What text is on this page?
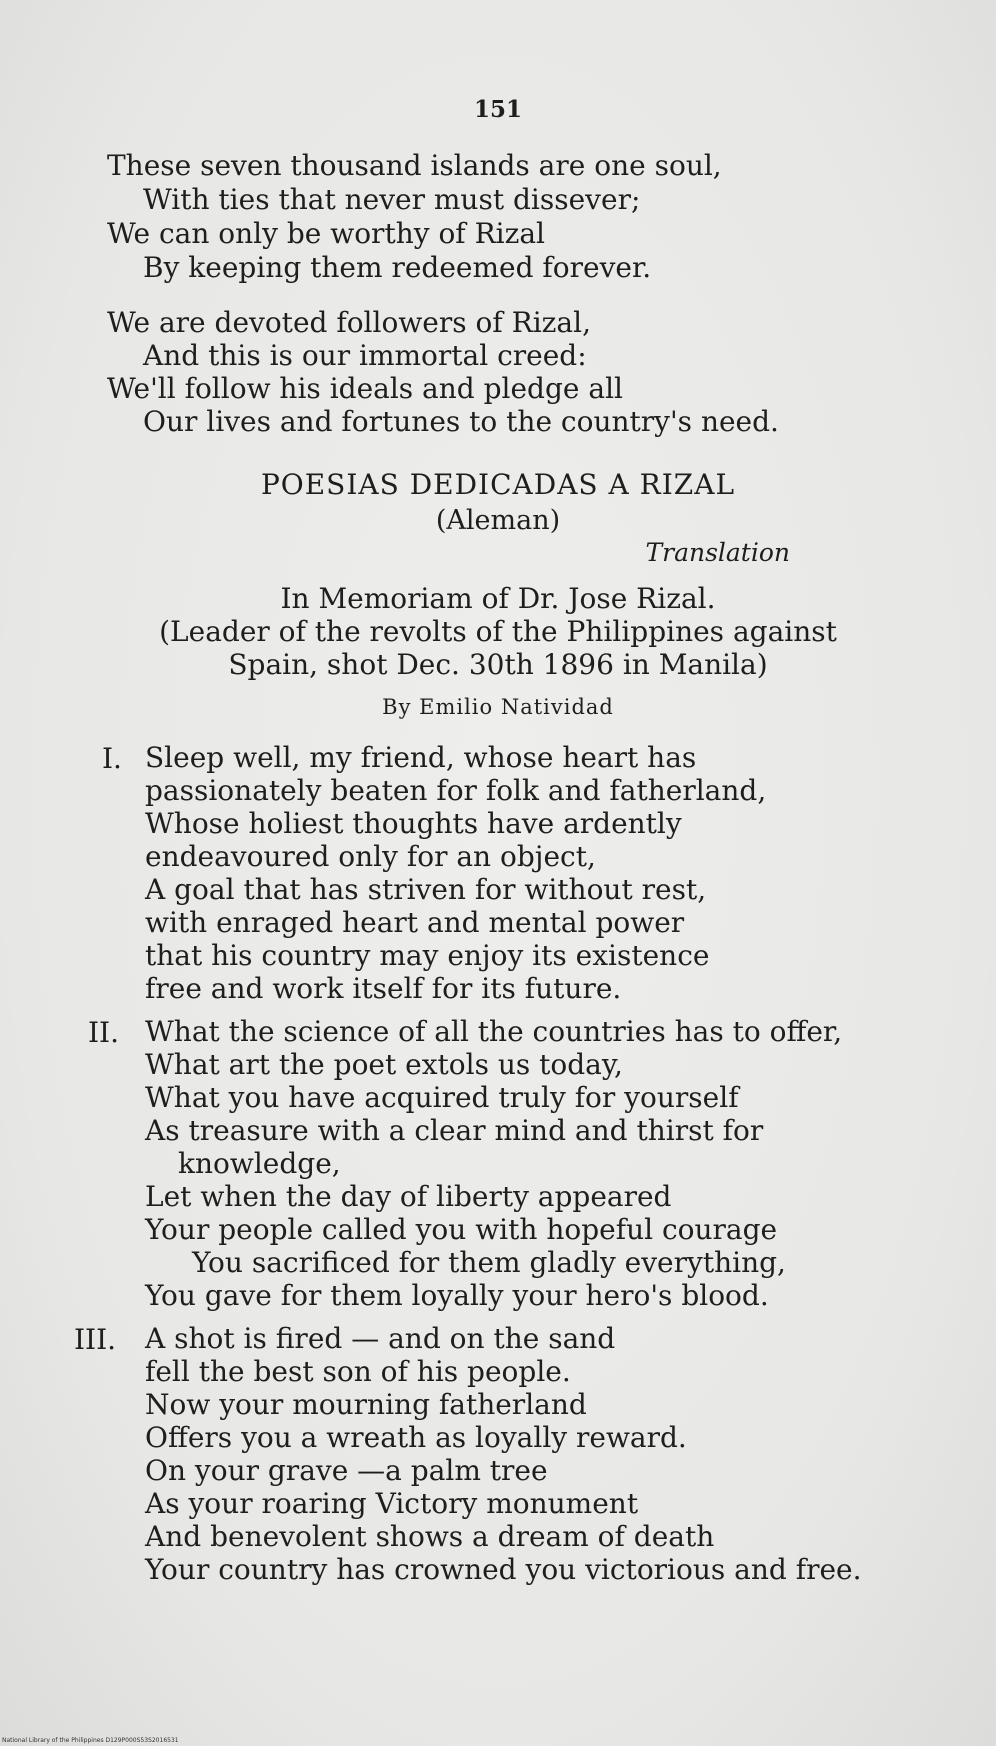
151
These seven thousand islands are one soul,
With ties that never must dissever;
We can only be worthy of Rizal
By keeping them redeemed forever.
We are devoted followers of Rizal,
And this is our immortal creed:
We'll follow his ideals and pledge all
Our lives and fortunes to the country's need.
POESIAS DEDICADAS A RIZAL
(Aleman)
Translation
In Memoriam of Dr. Jose Rizal.
(Leader of the revolts of the Philippines against
Spain, shot Dec. 30th 1896 in Manila)
By Emilio Natividad
I. Sleep well, my friend, whose heart has
passionately beaten for folk and fatherland,
Whose holiest thoughts have ardently
endeavoured only for an object,
A goal that has striven for without rest,
with enraged heart and mental power
that his country may enjoy its existence
free and work itself for its future.
II. What the science of all the countries has to offer,
What art the poet extols us today,
What you have acquired truly for yourself
As treasure with a clear mind and thirst for
knowledge,
Let when the day of liberty appeared
Your people called you with hopeful courage
You sacrificed for them gladly everything,
You gave for them loyally your hero's blood.
III. A shot is fired — and on the sand
fell the best son of his people.
Now your mourning fatherland
Offers you a wreath as loyally reward.
On your grave —a palm tree
As your roaring Victory monument
And benevolent shows a dream of death
Your country has crowned you victorious and free.
National Library of the Philippines D129P000S53S2016531
